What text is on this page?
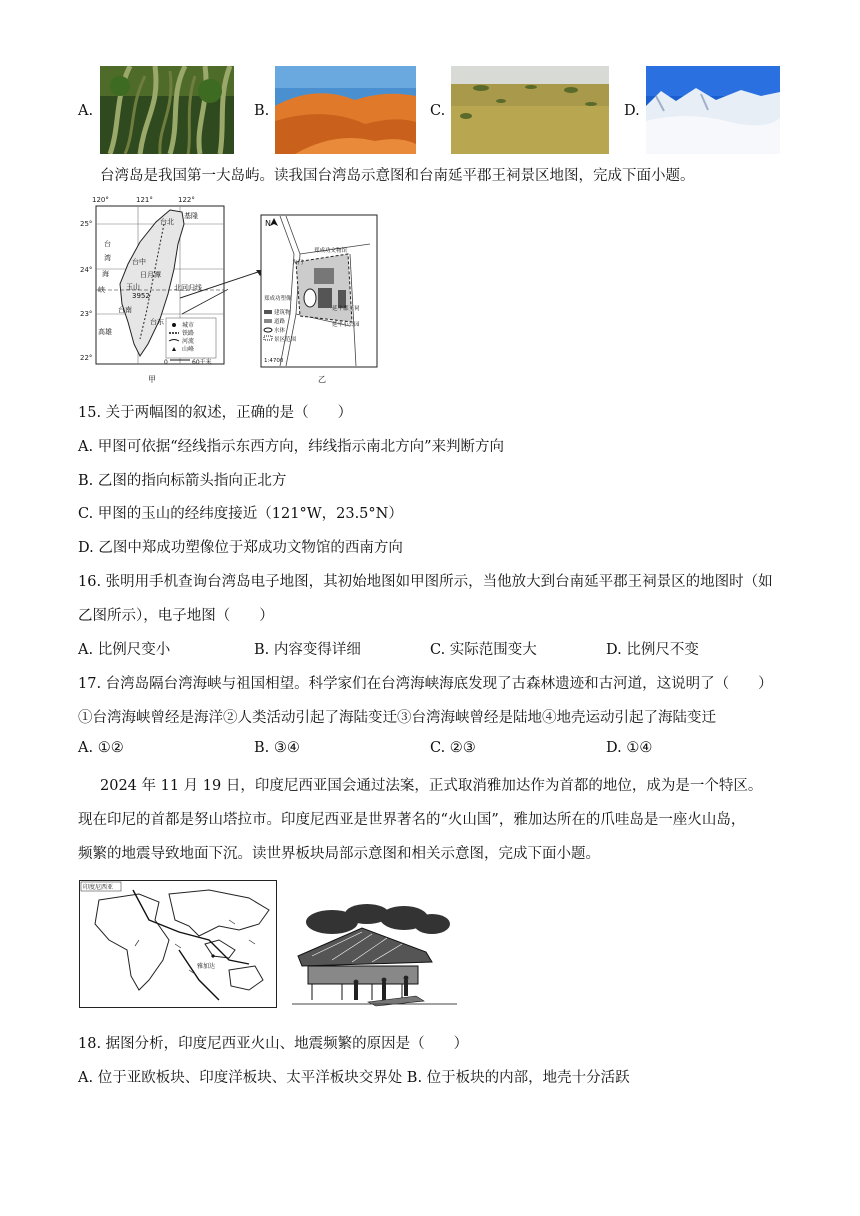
A.	B.	C.	D.
台湾岛是我国第一大岛屿。读我国台湾岛示意图和台南延平郡王祠景区地图，完成下面小题。
120°	121°	122°
25°
24°
23°
22°
台
湾
海
峡
台北
基隆
台中
日月潭
玉山	北回归线
台南
高雄
台东
3952
城市
铁路
河流
山峰
0	60千米
甲
N
郑成功文物馆
大门
郑成功塑像
延平郡王祠
延平小公园
建筑物
道路
水体
景区范围
1:4700
乙
15. 关于两幅图的叙述，正确的是（　　）
A. 甲图可依据“经线指示东西方向，纬线指示南北方向”来判断方向
B. 乙图的指向标箭头指向正北方
C. 甲图的玉山的经纬度接近（121°W，23.5°N）
D. 乙图中郑成功塑像位于郑成功文物馆的西南方向
16. 张明用手机查询台湾岛电子地图，其初始地图如甲图所示，当他放大到台南延平郡王祠景区的地图时（如
乙图所示），电子地图（　　）
A. 比例尺变小	B. 内容变得详细	C. 实际范围变大	D. 比例尺不变
17. 台湾岛隔台湾海峡与祖国相望。科学家们在台湾海峡海底发现了古森林遗迹和古河道，这说明了（　　）
①台湾海峡曾经是海洋②人类活动引起了海陆变迁③台湾海峡曾经是陆地④地壳运动引起了海陆变迁
A. ①②	B. ③④	C. ②③	D. ①④
2024 年 11 月 19 日，印度尼西亚国会通过法案，正式取消雅加达作为首都的地位，成为是一个特区。
现在印尼的首都是努山塔拉市。印度尼西亚是世界著名的“火山国”，雅加达所在的爪哇岛是一座火山岛，
频繁的地震导致地面下沉。读世界板块局部示意图和相关示意图，完成下面小题。
印度尼西亚
雅加达
18. 据图分析，印度尼西亚火山、地震频繁的原因是（　　）
A. 位于亚欧板块、印度洋板块、太平洋板块交界处 B. 位于板块的内部，地壳十分活跃
